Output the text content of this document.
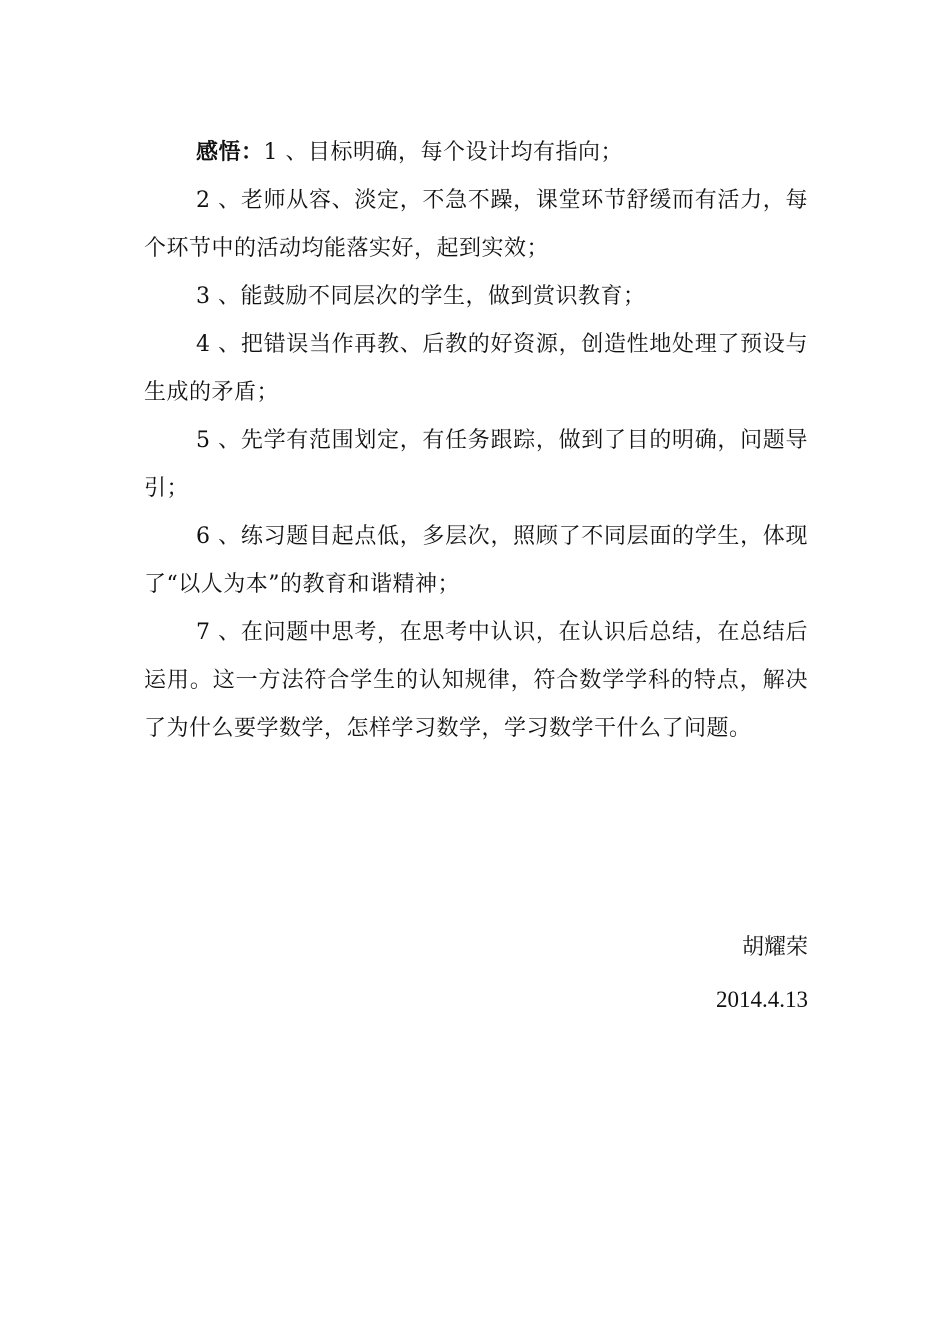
感悟：1 、目标明确，每个设计均有指向；

2 、老师从容、淡定，不急不躁，课堂环节舒缓而有活力，每个环节中的活动均能落实好，起到实效；

3 、能鼓励不同层次的学生，做到赏识教育；

4 、把错误当作再教、后教的好资源，创造性地处理了预设与生成的矛盾；

5 、先学有范围划定，有任务跟踪，做到了目的明确，问题导引；

6 、练习题目起点低，多层次，照顾了不同层面的学生，体现了“以人为本”的教育和谐精神；

7 、在问题中思考，在思考中认识，在认识后总结，在总结后运用。这一方法符合学生的认知规律，符合数学学科的特点，解决了为什么要学数学，怎样学习数学，学习数学干什么了问题。

胡耀荣
2014.4.13
